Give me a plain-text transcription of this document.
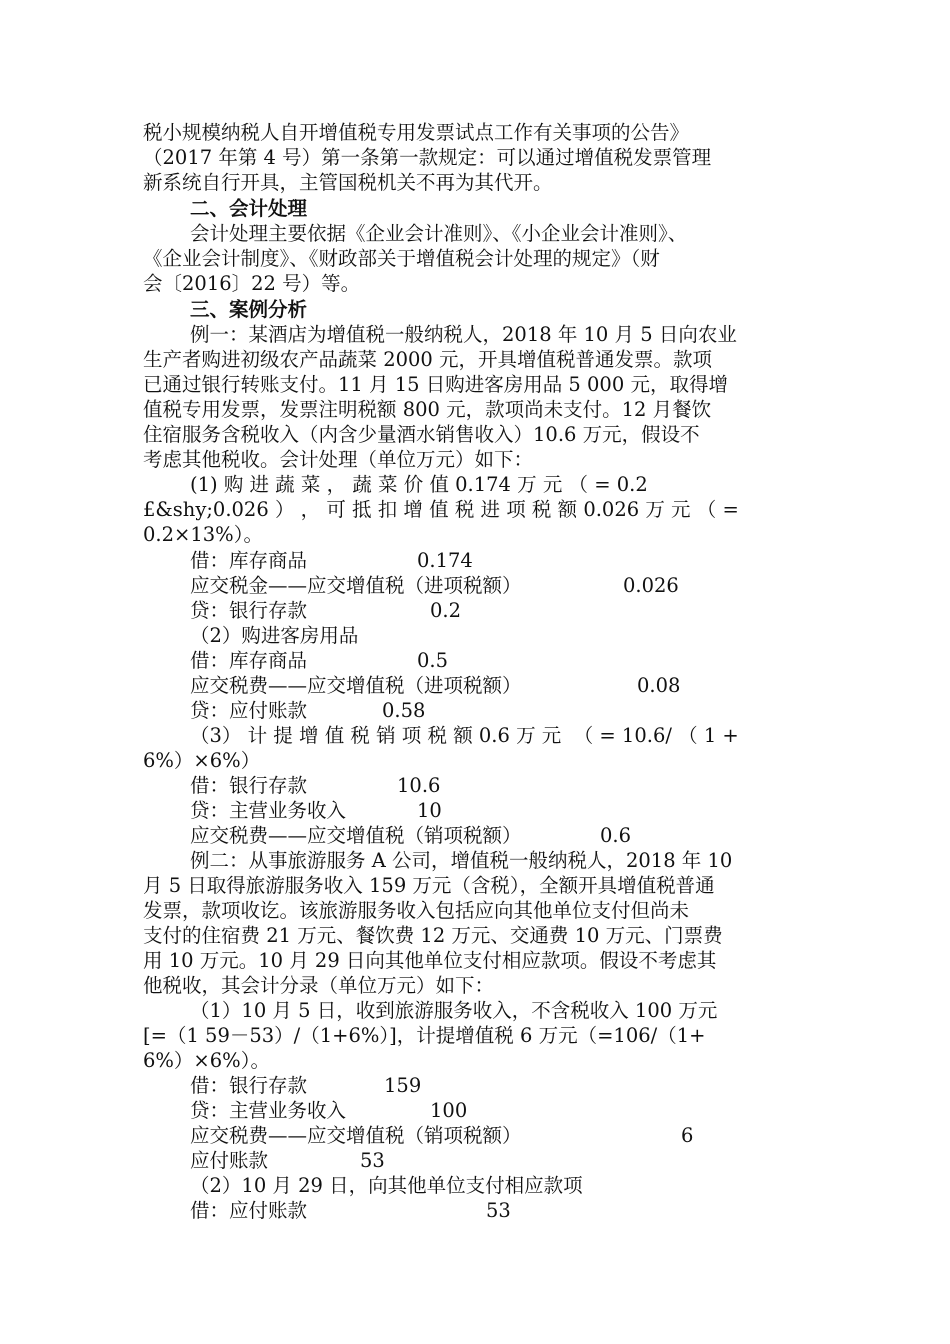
税小规模纳税人自开增值税专用发票试点工作有关事项的公告》
（2017 年第 4 号）第一条第一款规定：可以通过增值税发票管理
新系统自行开具，主管国税机关不再为其代开。
二、会计处理
会计处理主要依据《企业会计准则》、《小企业会计准则》、
《企业会计制度》、《财政部关于增值税会计处理的规定》（财
会〔2016〕22 号）等。
三、案例分析
例一：某酒店为增值税一般纳税人，2018 年 10 月 5 日向农业
生产者购进初级农产品蔬菜 2000 元，开具增值税普通发票。款项
已通过银行转账支付。11 月 15 日购进客房用品 5 000 元，取得增
值税专用发票，发票注明税额 800 元，款项尚未支付。12 月餐饮
住宿服务含税收入（内含少量酒水销售收入）10.6 万元，假设不
考虑其他税收。会计处理（单位万元）如下：
(1) 购 进 蔬 菜 ， 蔬 菜 价 值 0.174 万 元 （ = 0.2
£&shy;0.026 ） ， 可 抵 扣 增 值 税 进 项 税 额 0.026 万 元 （ =
0.2×13%）。
借：库存商品	0.174
应交税金——应交增值税（进项税额）	0.026
贷：银行存款	0.2
（2）购进客房用品
借：库存商品	0.5
应交税费——应交增值税（进项税额）	0.08
贷：应付账款	0.58
（3） 计 提 增 值 税 销 项 税 额 0.6 万 元  （ = 10.6/ （ 1 +
6%）×6%）
借：银行存款	10.6
贷：主营业务收入	10
应交税费——应交增值税（销项税额）	0.6
例二：从事旅游服务 A 公司，增值税一般纳税人，2018 年 10
月 5 日取得旅游服务收入 159 万元（含税），全额开具增值税普通
发票，款项收讫。该旅游服务收入包括应向其他单位支付但尚未
支付的住宿费 21 万元、餐饮费 12 万元、交通费 10 万元、门票费
用 10 万元。10 月 29 日向其他单位支付相应款项。假设不考虑其
他税收，其会计分录（单位万元）如下：
（1）10 月 5 日，收到旅游服务收入，不含税收入 100 万元
[=（1 59－53）/（1+6%）]，计提增值税 6 万元（=106/（1+
6%）×6%）。
借：银行存款	159
贷：主营业务收入	100
应交税费——应交增值税（销项税额）	6
应付账款	53
（2）10 月 29 日，向其他单位支付相应款项
借：应付账款	53
